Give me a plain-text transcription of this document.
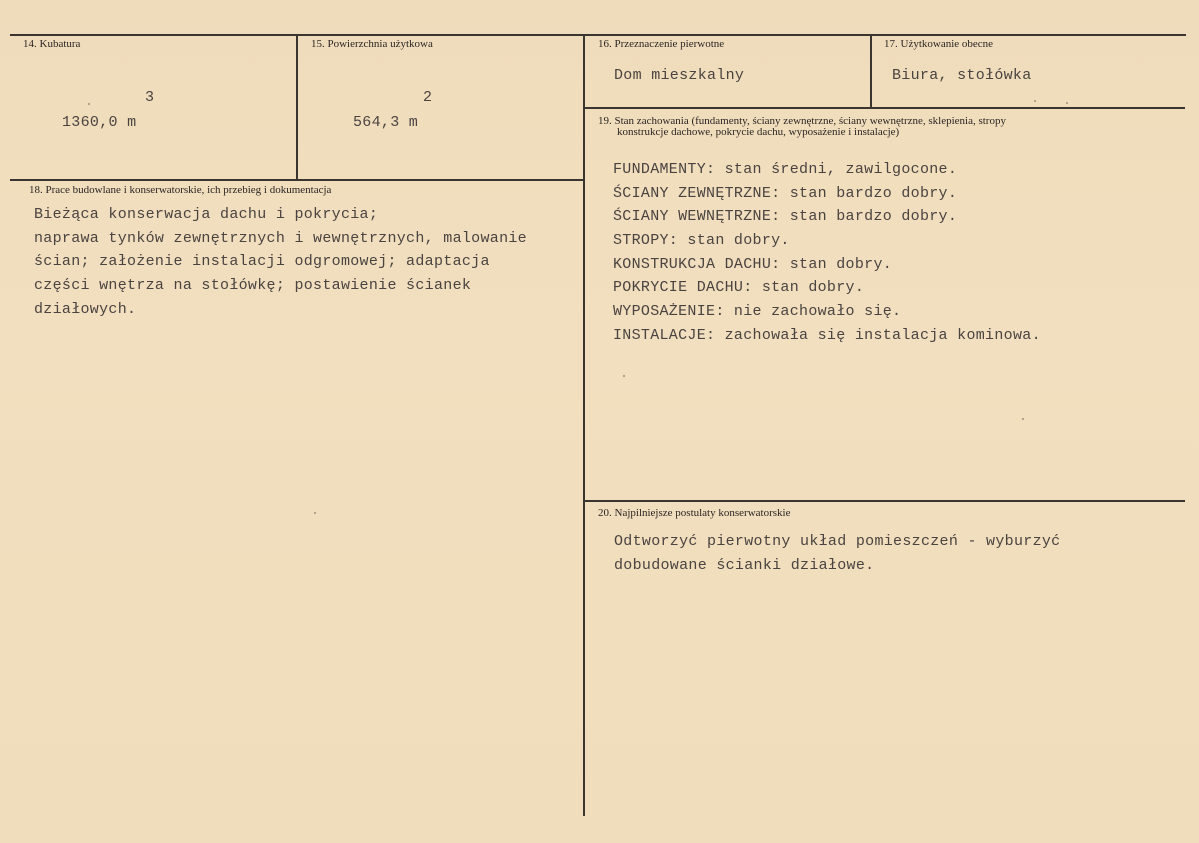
14. Kubatura
3
1360,0 m
15. Powierzchnia użytkowa
2
564,3 m
16. Przeznaczenie pierwotne
Dom mieszkalny
17. Użytkowanie obecne
Biura, stołówka
18. Prace budowlane i konserwatorskie, ich przebieg i dokumentacja
Bieżąca konserwacja dachu i pokrycia;
naprawa tynków zewnętrznych i wewnętrznych, malowanie
ścian; założenie instalacji odgromowej; adaptacja
części wnętrza na stołówkę; postawienie ścianek
działowych.
19. Stan zachowania (fundamenty, ściany zewnętrzne, ściany wewnętrzne, sklepienia, stropy
konstrukcje dachowe, pokrycie dachu, wyposażenie i instalacje)
FUNDAMENTY: stan średni, zawilgocone.
ŚCIANY ZEWNĘTRZNE: stan bardzo dobry.
ŚCIANY WEWNĘTRZNE: stan bardzo dobry.
STROPY: stan dobry.
KONSTRUKCJA DACHU: stan dobry.
POKRYCIE DACHU: stan dobry.
WYPOSAŻENIE: nie zachowało się.
INSTALACJE: zachowała się instalacja kominowa.
20. Najpilniejsze postulaty konserwatorskie
Odtworzyć pierwotny układ pomieszczeń - wyburzyć
dobudowane ścianki działowe.
